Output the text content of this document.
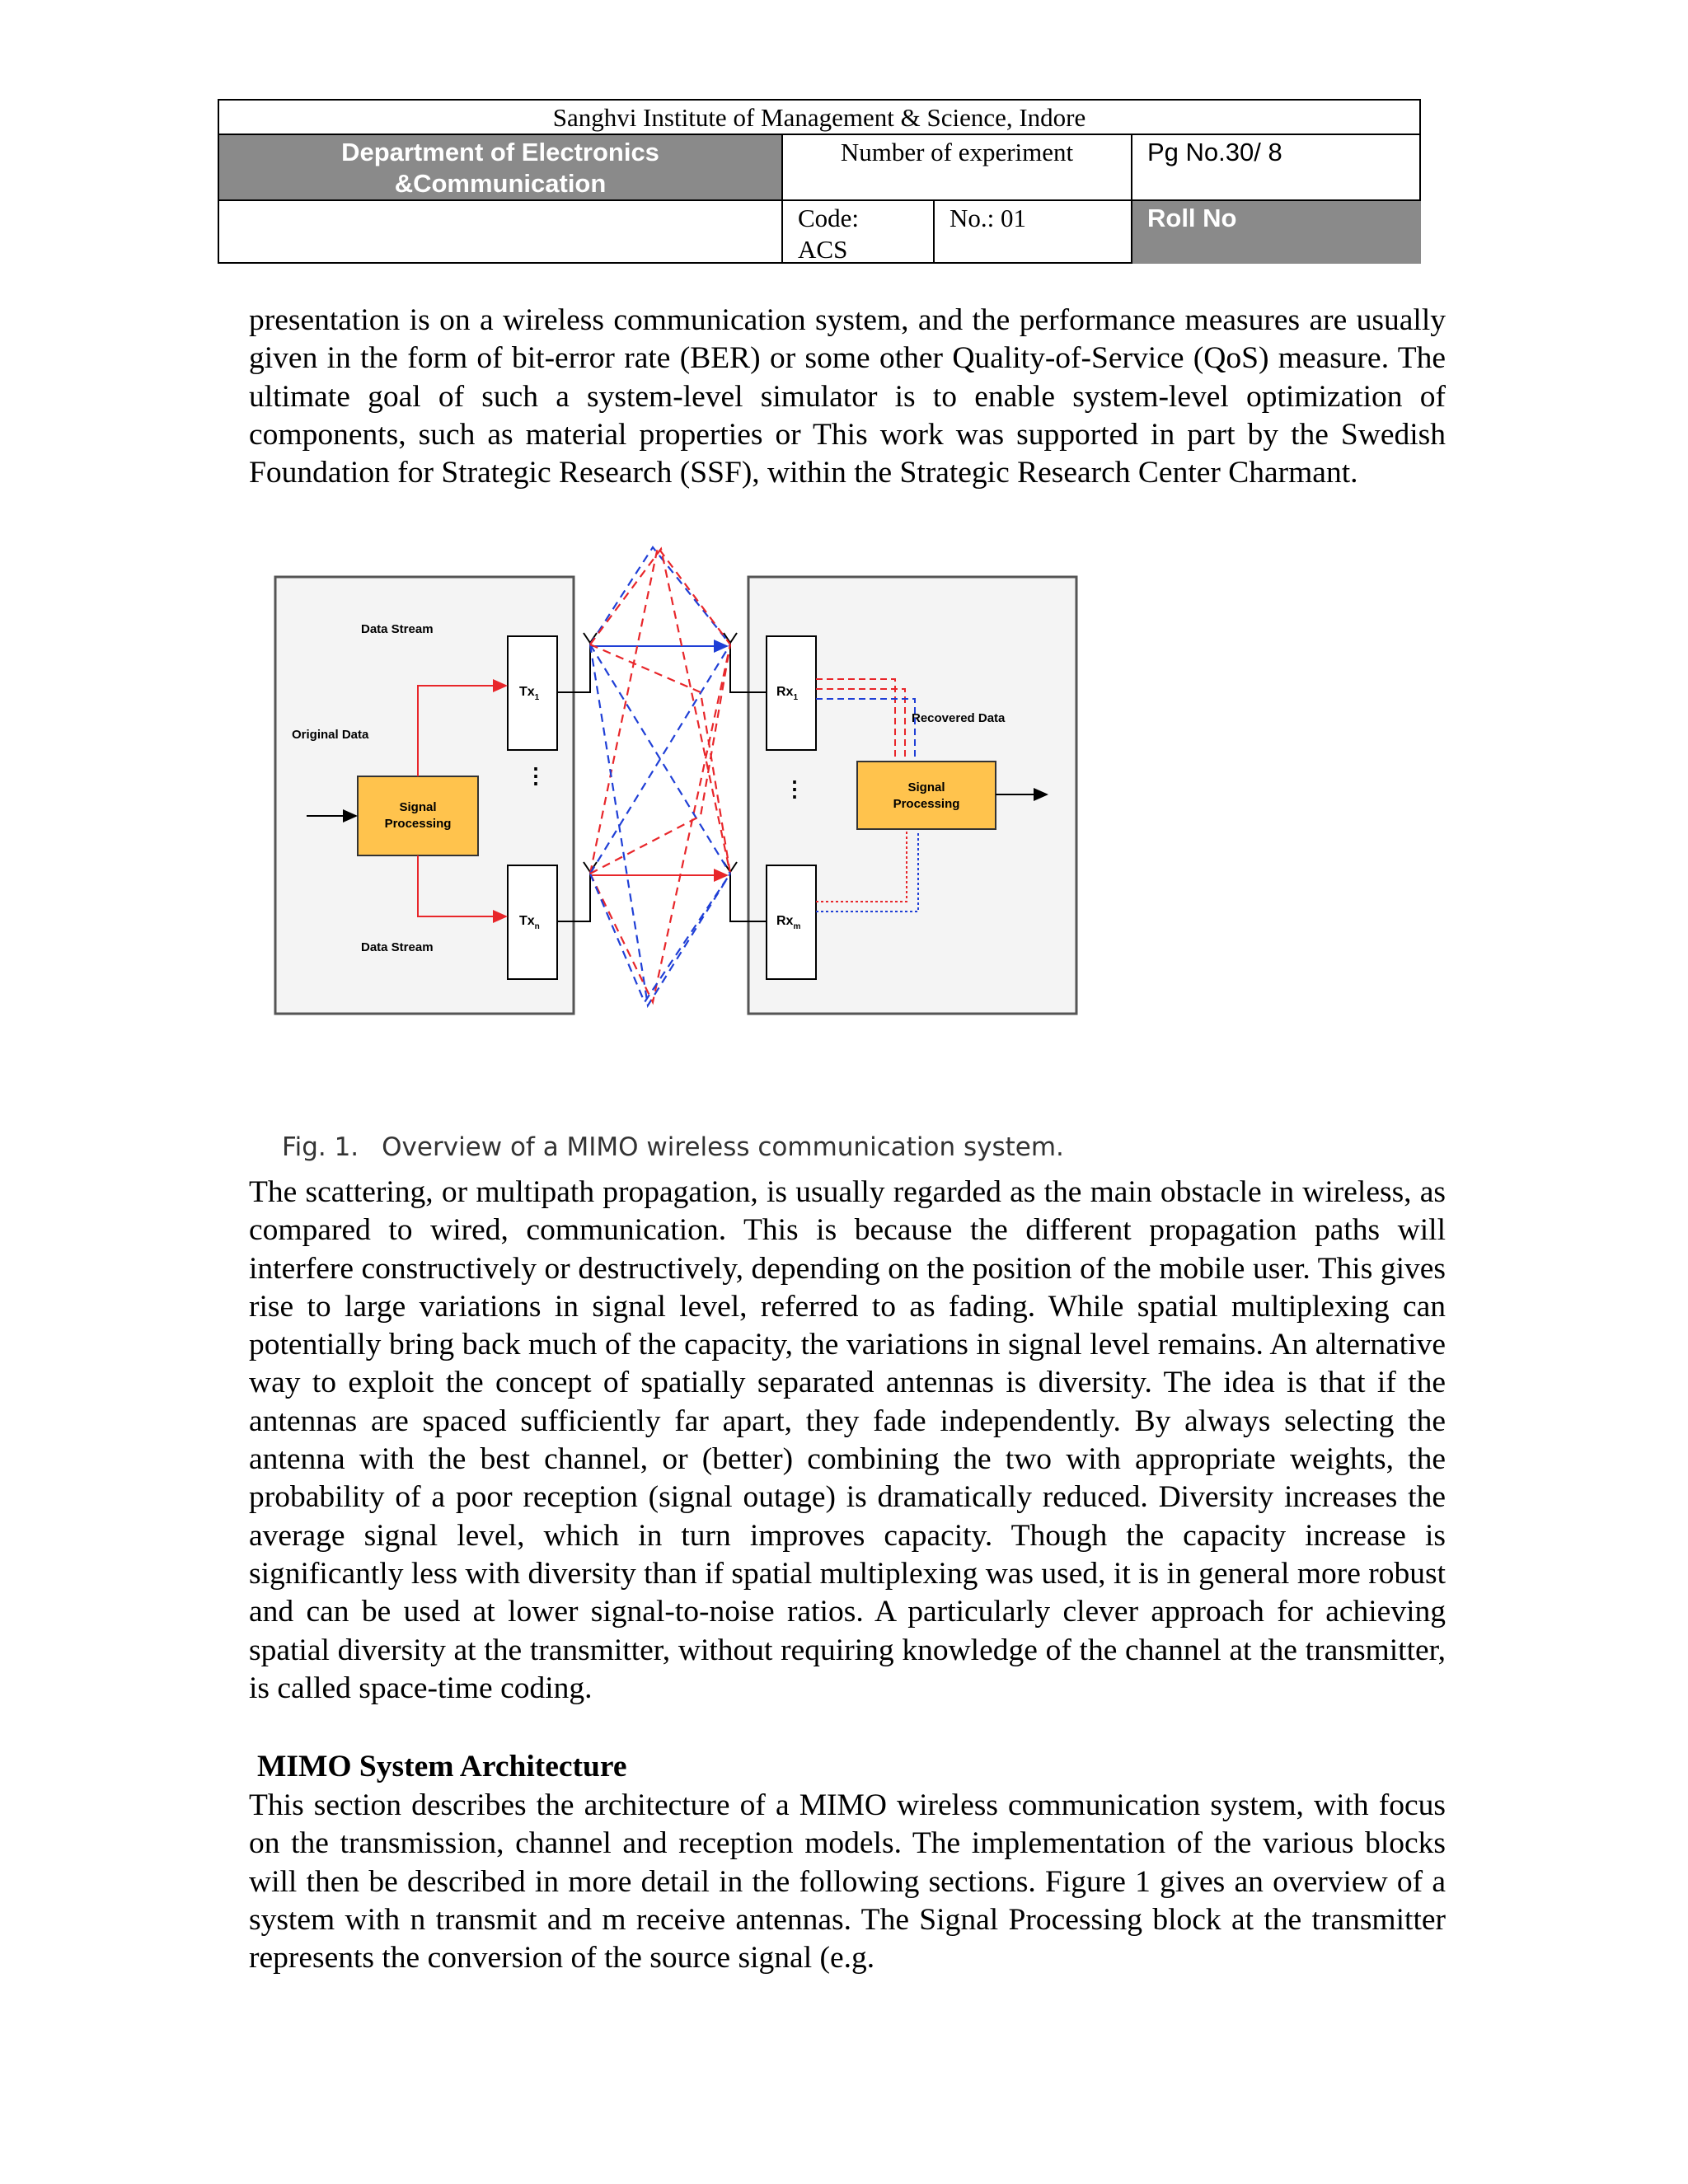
Sanghvi Institute of Management & Science, Indore
Department of Electronics
&Communication
Number of experiment	Pg No.30/ 8
Code:
ACS
No.: 01	Roll No
presentation is on a wireless communication system, and the performance measures are usually given in the form of bit-error rate (BER) or some other Quality-of-Service (QoS) measure. The ultimate goal of such a system-level simulator is to enable system-level optimization of components, such as material properties or This work was supported in part by the Swedish Foundation for Strategic Research (SSF), within the Strategic Research Center Charmant.
$Tx_1$
$Tx_n$
⋮
$Rx_1$
$Rx_m$
⋮
Signal
Processing
Signal
Processing
Data Stream
Data Stream
Original Data
Recovered Data
Fig. 1. Overview of a MIMO wireless communication system.
The scattering, or multipath propagation, is usually regarded as the main obstacle in wireless, as compared to wired, communication. This is because the different propagation paths will interfere constructively or destructively, depending on the position of the mobile user. This gives rise to large variations in signal level, referred to as fading. While spatial multiplexing can potentially bring back much of the capacity, the variations in signal level remains. An alternative way to exploit the concept of spatially separated antennas is diversity. The idea is that if the antennas are spaced sufficiently far apart, they fade independently. By always selecting the antenna with the best channel, or (better) combining the two with appropriate weights, the probability of a poor reception (signal outage) is dramatically reduced. Diversity increases the average signal level, which in turn improves capacity. Though the capacity increase is significantly less with diversity than if spatial multiplexing was used, it is in general more robust and can be used at lower signal-to-noise ratios. A particularly clever approach for achieving spatial diversity at the transmitter, without requiring knowledge of the channel at the transmitter, is called space-time coding.
MIMO System Architecture
This section describes the architecture of a MIMO wireless communication system, with focus on the transmission, channel and reception models. The implementation of the various blocks will then be described in more detail in the following sections. Figure 1 gives an overview of a system with n transmit and m receive antennas. The Signal Processing block at the transmitter represents the conversion of the source signal (e.g.
